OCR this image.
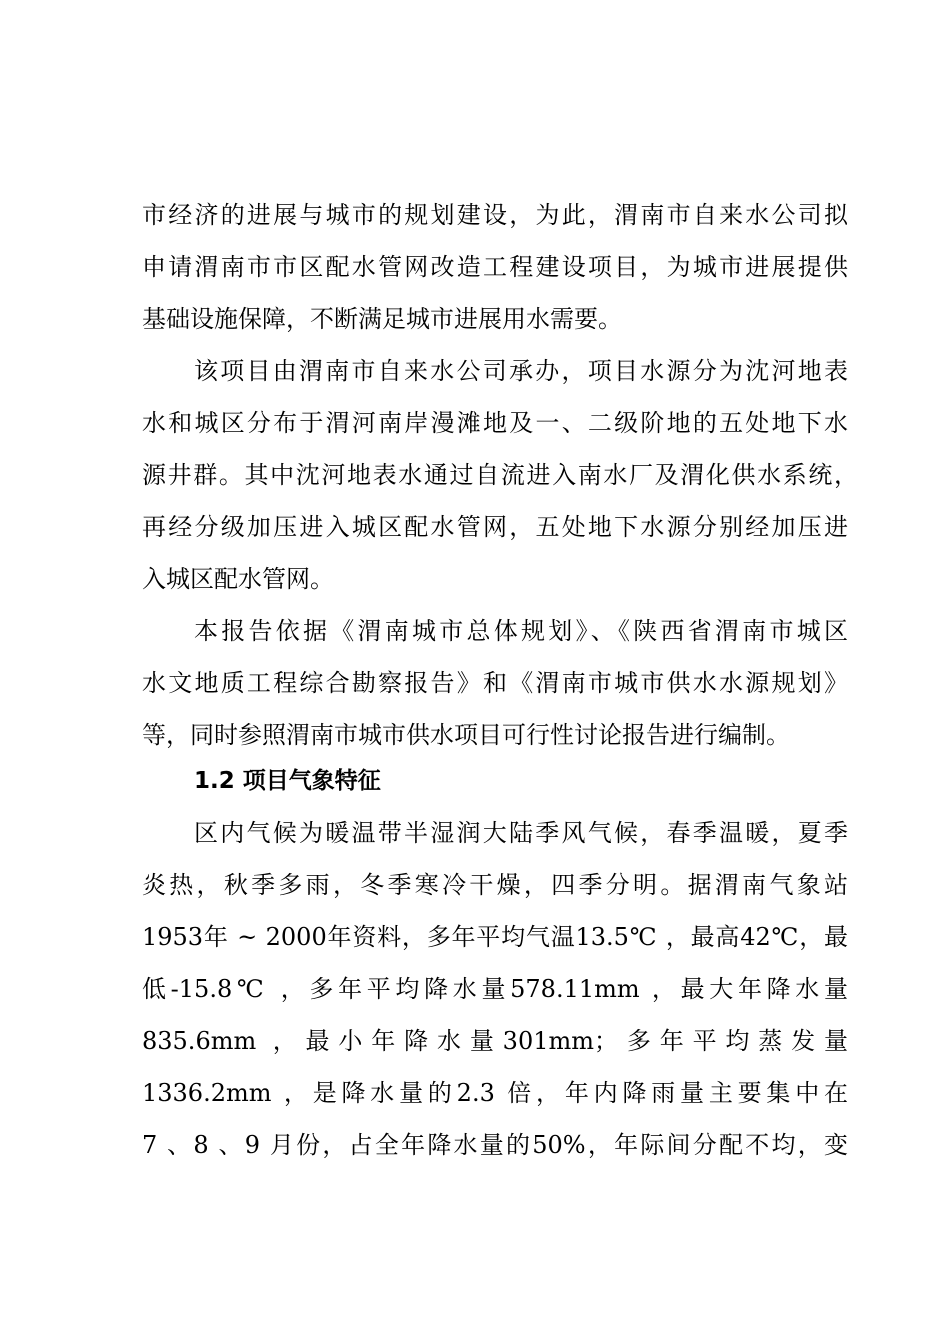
市经济的进展与城市的规划建设，为此，渭南市自来水公司拟
申请渭南市市区配水管网改造工程建设项目，为城市进展提供
基础设施保障，不断满足城市进展用水需要。
该项目由渭南市自来水公司承办，项目水源分为沈河地表
水和城区分布于渭河南岸漫滩地及一、二级阶地的五处地下水
源井群。其中沈河地表水通过自流进入南水厂及渭化供水系统，
再经分级加压进入城区配水管网，五处地下水源分别经加压进
入城区配水管网。
本报告依据《渭南城市总体规划》、《陕西省渭南市城区
水文地质工程综合勘察报告》和《渭南市城市供水水源规划》
等，同时参照渭南市城市供水项目可行性讨论报告进行编制。
1.2 项目气象特征
区内气候为暖温带半湿润大陆季风气候，春季温暖，夏季
炎热，秋季多雨，冬季寒冷干燥，四季分明。据渭南气象站
1953年 ~ 2000年资料，多年平均气温13.5℃ ，最高42℃，最
低-15.8℃ ，多年平均降水量578.11mm ，最大年降水量
835.6mm ，最小年降水量301mm；多年平均蒸发量
1336.2mm ，是降水量的2.3 倍，年内降雨量主要集中在
7 、8 、9 月份，占全年降水量的50%，年际间分配不均，变
